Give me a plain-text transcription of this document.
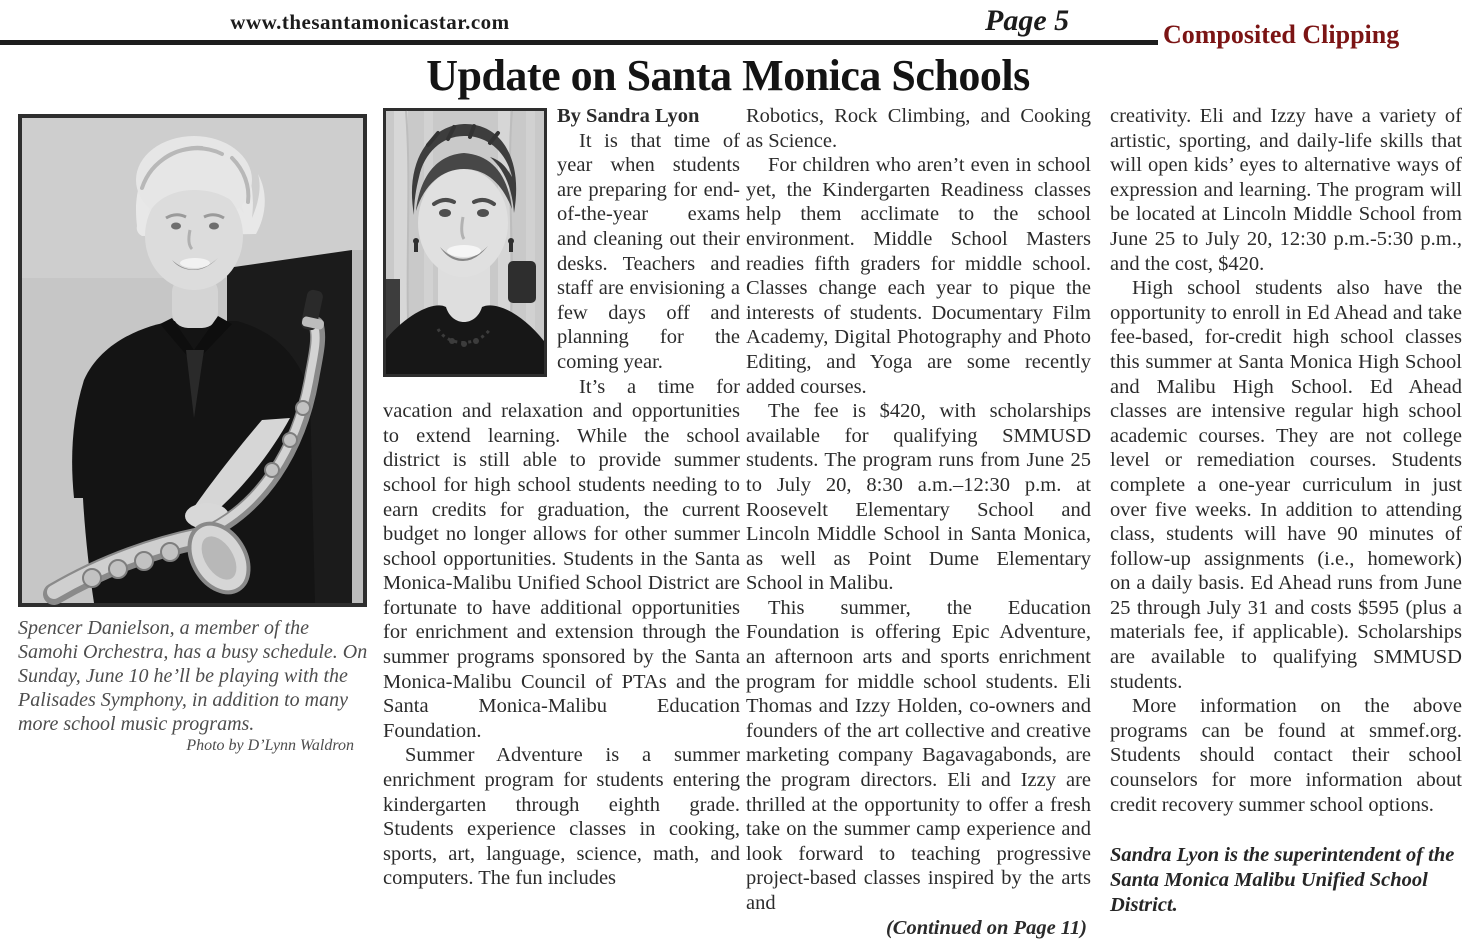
www.thesantamonicastar.com	Page 5	Composited Clipping
Update on Santa Monica Schools
Spencer Danielson, a member of the Samohi Orchestra, has a busy schedule. On Sunday, June 10 he’ll be playing with the Palisades Symphony, in addition to many more school music programs.
Photo by D’Lynn Waldron

By Sandra Lyon

It is that time of year when students are preparing for end-of-the-year exams and cleaning out their desks. Teachers and staff are envisioning a few days off and planning for the coming year.

It’s a time for vacation and relaxation and opportunities to extend learning. While the school district is still able to provide summer school for high school students needing to earn credits for graduation, the current budget no longer allows for other summer school opportunities. Students in the Santa Monica-Malibu Unified School District are fortunate to have additional opportunities for enrichment and extension through the summer programs sponsored by the Santa Monica-Malibu Council of PTAs and the Santa Monica-Malibu Education Foundation.

Summer Adventure is a summer enrichment program for students entering kindergarten through eighth grade. Students experience classes in cooking, sports, art, language, science, math, and computers. The fun includes

Robotics, Rock Climbing, and Cooking as Science.

For children who aren’t even in school yet, the Kindergarten Readiness classes help them acclimate to the school environment. Middle School Masters readies fifth graders for middle school. Classes change each year to pique the interests of students. Documentary Film Academy, Digital Photography and Photo Editing, and Yoga are some recently added courses.

The fee is $420, with scholarships available for qualifying SMMUSD students. The program runs from June 25 to July 20, 8:30 a.m.–12:30 p.m. at Roosevelt Elementary School and Lincoln Middle School in Santa Monica, as well as Point Dume Elementary School in Malibu.

This summer, the Education Foundation is offering Epic Adventure, an afternoon arts and sports enrichment program for middle school students. Eli Thomas and Izzy Holden, co-owners and founders of the art collective and creative marketing company Bagavagabonds, are the program directors. Eli and Izzy are thrilled at the opportunity to offer a fresh take on the summer camp experience and look forward to teaching progressive project-based classes inspired by the arts and

(Continued on Page 11)

creativity. Eli and Izzy have a variety of artistic, sporting, and daily-life skills that will open kids’ eyes to alternative ways of expression and learning. The program will be located at Lincoln Middle School from June 25 to July 20, 12:30 p.m.-5:30 p.m., and the cost, $420.

High school students also have the opportunity to enroll in Ed Ahead and take fee-based, for-credit high school classes this summer at Santa Monica High School and Malibu High School. Ed Ahead classes are intensive regular high school academic courses. They are not college level or remediation courses. Students complete a one-year curriculum in just over five weeks. In addition to attending class, students will have 90 minutes of follow-up assignments (i.e., homework) on a daily basis. Ed Ahead runs from June 25 through July 31 and costs $595 (plus a materials fee, if applicable). Scholarships are available to qualifying SMMUSD students.

More information on the above programs can be found at smmef.org. Students should contact their school counselors for more information about credit recovery summer school options.

Sandra Lyon is the superintendent of the Santa Monica Malibu Unified School District.
